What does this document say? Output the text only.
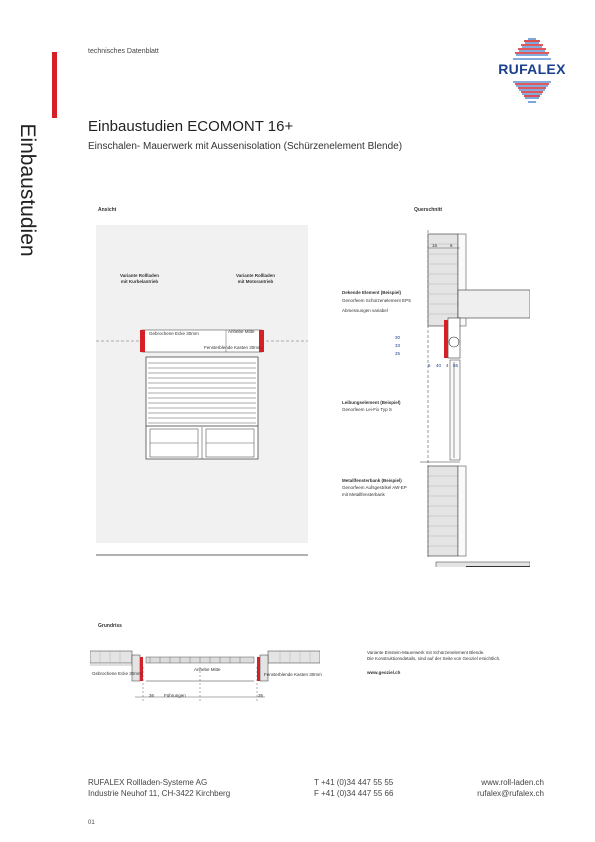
technisches Datenblatt
RUFALEX
Einbaustudien	Einbaustudien ECOMONT 16+
Einschalen- Mauerwerk mit Aussenisolation (Schürzenelement Blende)
Ansicht
Variante Rollladen
mit Kurbelantrieb
Variante Rollladen
mit Motorantrieb
Gebrochene Ecke 30mm	Anhebe Mitte
Fensterblende Kasten 30mm
Querschnitt
16	6
Dekende Element (Beispiel)
Genorfeem Schürzenelement EPS
Abmessungen variabel
30
33
25
5 40 4 65
Leibungselement (Beispiel)
Genorfeem Lei-Fix Typ S
Metallfensterbank (Beispiel)
Genorfeem Aufsgestrikel AW-EP
mit Metallfensterbank
Grundriss
Gebrochene Ecke 30mm
Anhebe Mitte
Fensterblende Kasten 30mm
36 Führungen	36
Variante Einstein-Mauerwerk mit Schürzenelement Blende.
Die Konstruktionsdetails, sind auf der Seite von Geoziel ersichtlich.
www.geoziel.ch
RUFALEX Rollladen-Systeme AG
Industrie Neuhof 11, CH-3422 Kirchberg
T +41 (0)34 447 55 55
F +41 (0)34 447 55 66
www.roll-laden.ch
rufalex@rufalex.ch
01
